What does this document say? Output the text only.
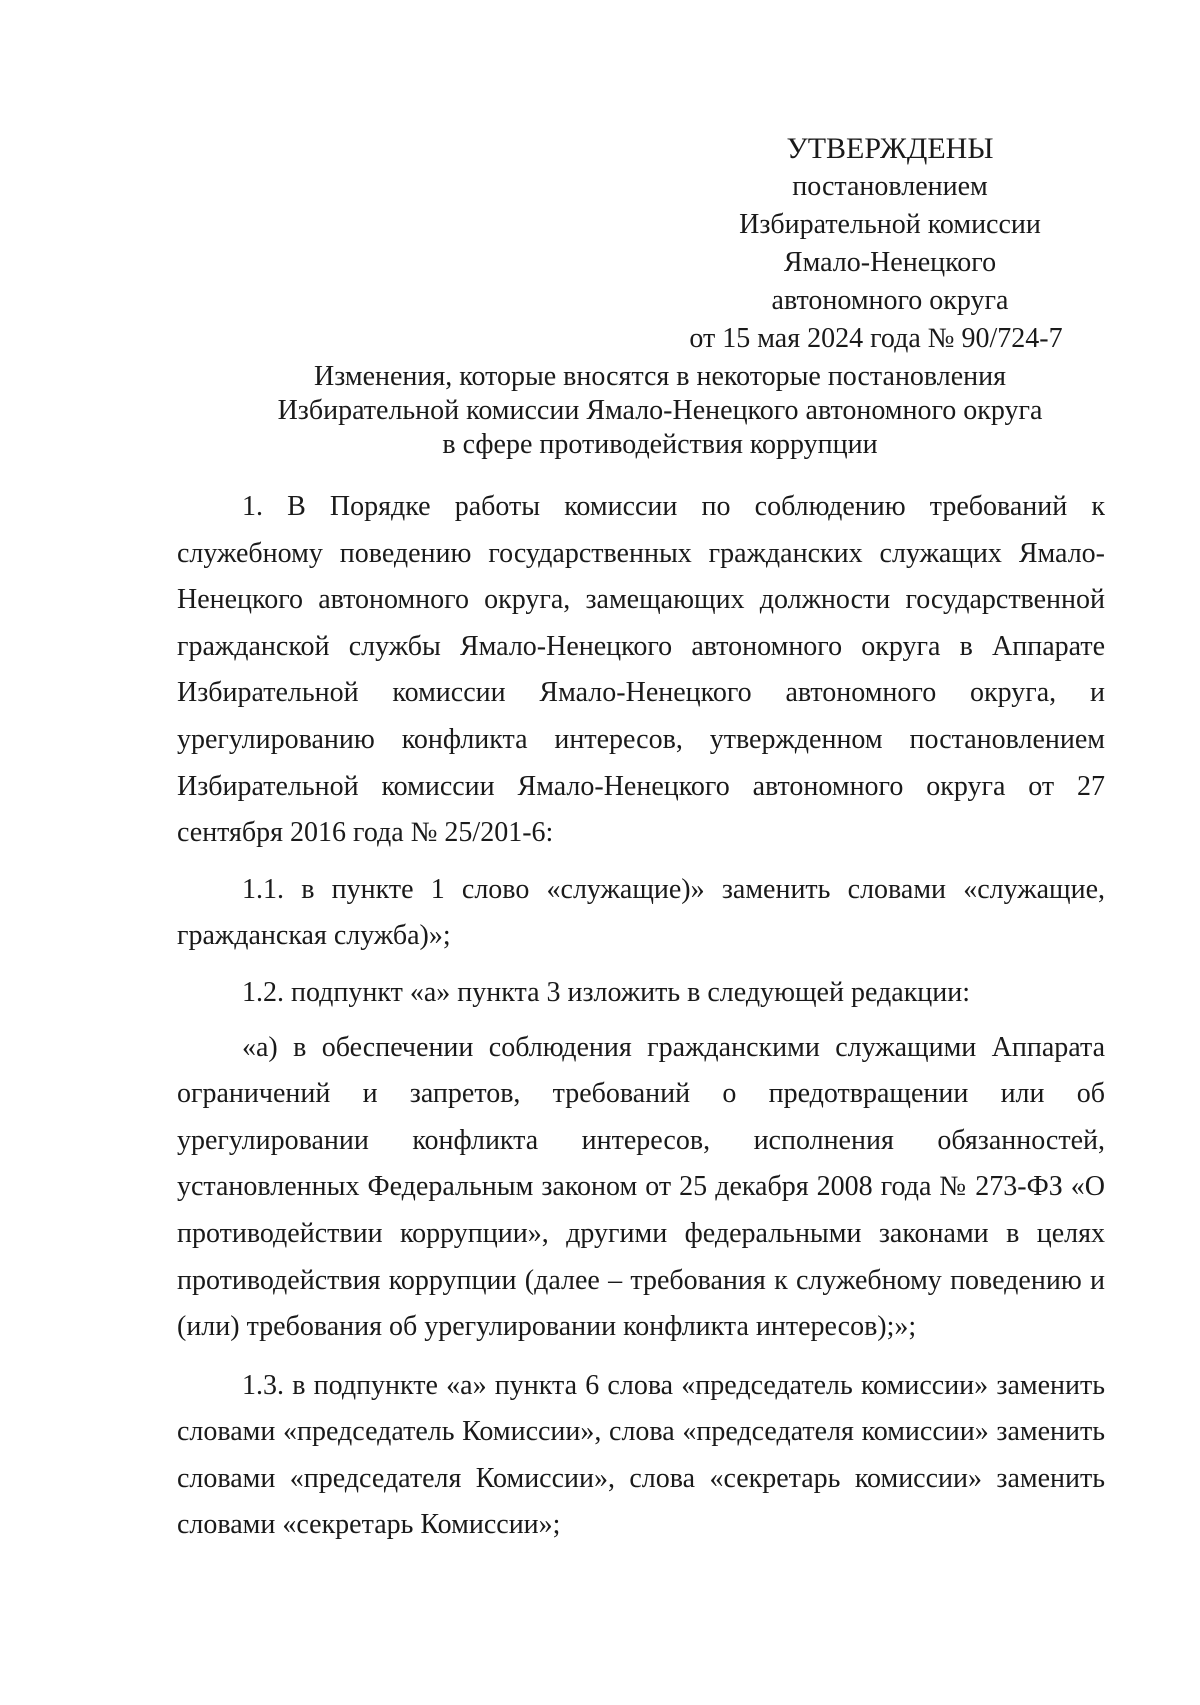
УТВЕРЖДЕНЫ
постановлением
Избирательной комиссии
Ямало-Ненецкого
автономного округа
от 15 мая 2024 года № 90/724-7
Изменения, которые вносятся в некоторые постановления
Избирательной комиссии Ямало-Ненецкого автономного округа
в сфере противодействия коррупции

1. В Порядке работы комиссии по соблюдению требований к служебному поведению государственных гражданских служащих Ямало-Ненецкого автономного округа, замещающих должности государственной гражданской службы Ямало-Ненецкого автономного округа в Аппарате Избирательной комиссии Ямало-Ненецкого автономного округа, и урегулированию конфликта интересов, утвержденном постановлением Избирательной комиссии Ямало-Ненецкого автономного округа от 27 сентября 2016 года № 25/201-6:

1.1. в пункте 1 слово «служащие)» заменить словами «служащие, гражданская служба)»;

1.2. подпункт «а» пункта 3 изложить в следующей редакции:

«а) в обеспечении соблюдения гражданскими служащими Аппарата ограничений и запретов, требований о предотвращении или об урегулировании конфликта интересов, исполнения обязанностей, установленных Федеральным законом от 25 декабря 2008 года № 273-ФЗ «О противодействии коррупции», другими федеральными законами в целях противодействия коррупции (далее – требования к служебному поведению и (или) требования об урегулировании конфликта интересов);»;

1.3. в подпункте «а» пункта 6 слова «председатель комиссии» заменить словами «председатель Комиссии», слова «председателя комиссии» заменить словами «председателя Комиссии», слова «секретарь комиссии» заменить словами «секретарь Комиссии»;
